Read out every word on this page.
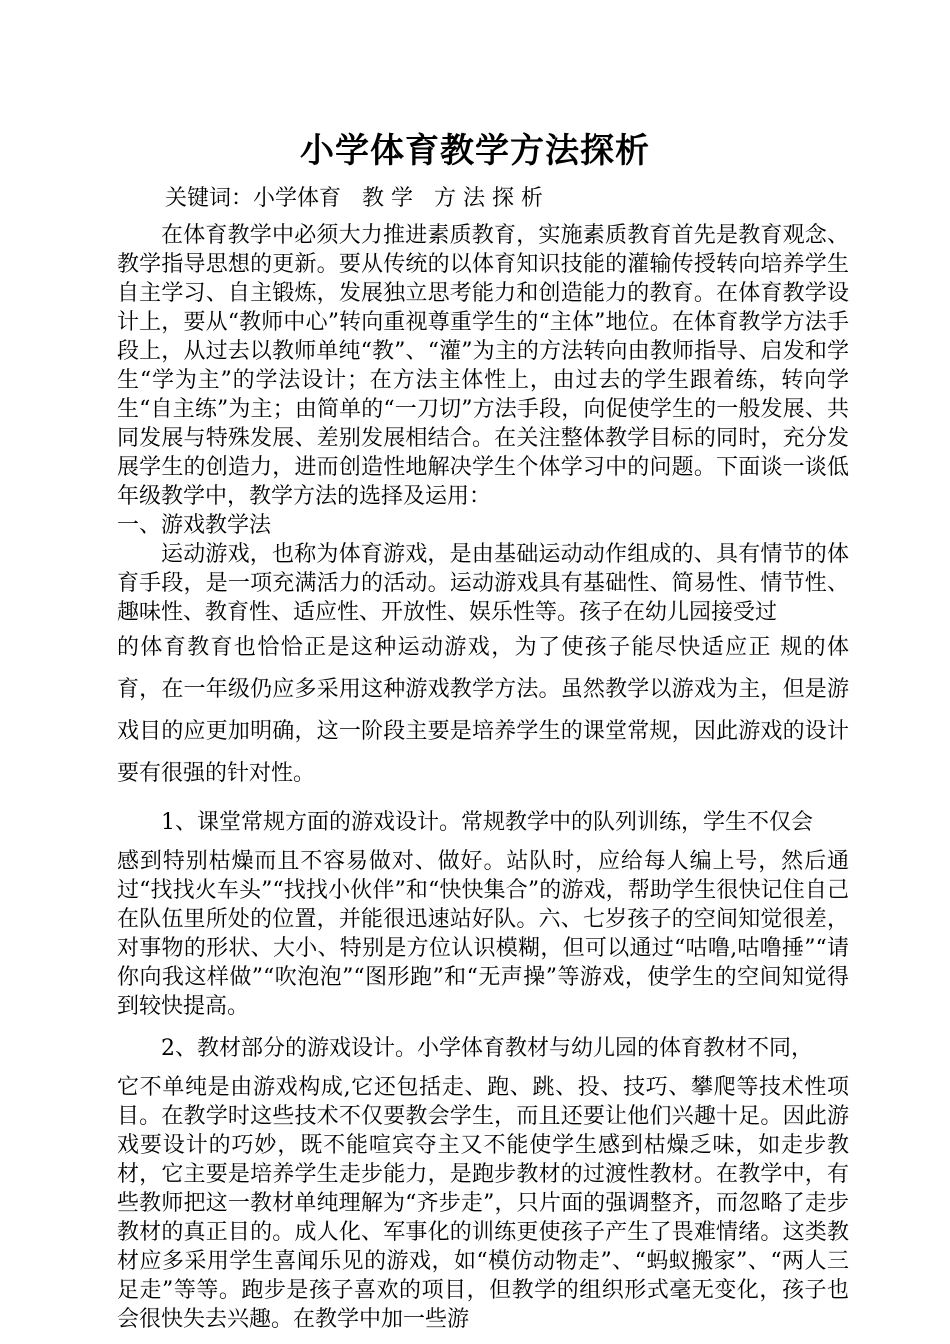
小学体育教学方法探析
关键词：小学体育   教 学   方 法 探 析

在体育教学中必须大力推进素质教育，实施素质教育首先是教育观念、教学指导思想的更新。要从传统的以体育知识技能的灌输传授转向培养学生自主学习、自主锻炼，发展独立思考能力和创造能力的教育。在体育教学设计上，要从“教师中心”转向重视尊重学生的“主体”地位。在体育教学方法手段上，从过去以教师单纯“教”、“灌”为主的方法转向由教师指导、启发和学生“学为主”的学法设计；在方法主体性上，由过去的学生跟着练，转向学生“自主练”为主；由简单的“一刀切”方法手段，向促使学生的一般发展、共同发展与特殊发展、差别发展相结合。在关注整体教学目标的同时，充分发展学生的创造力，进而创造性地解决学生个体学习中的问题。下面谈一谈低年级教学中，教学方法的选择及运用：

一、游戏教学法

运动游戏，也称为体育游戏，是由基础运动动作组成的、具有情节的体育手段，是一项充满活力的活动。运动游戏具有基础性、简易性、情节性、趣味性、教育性、适应性、开放性、娱乐性等。孩子在幼儿园接受过

的体育教育也恰恰正是这种运动游戏，为了使孩子能尽快适应正 规的体育，在一年级仍应多采用这种游戏教学方法。虽然教学以游戏为主，但是游戏目的应更加明确，这一阶段主要是培养学生的课堂常规，因此游戏的设计要有很强的针对性。

1、课堂常规方面的游戏设计。常规教学中的队列训练，学生不仅会

感到特别枯燥而且不容易做对、做好。站队时，应给每人编上号，然后通过“找找火车头”“找找小伙伴”和“快快集合”的游戏，帮助学生很快记住自己在队伍里所处的位置，并能很迅速站好队。六、七岁孩子的空间知觉很差，对事物的形状、大小、特别是方位认识模糊，但可以通过“咕噜,咕噜捶”“请你向我这样做”“吹泡泡”“图形跑”和“无声操”等游戏，使学生的空间知觉得到较快提高。

2、教材部分的游戏设计。小学体育教材与幼儿园的体育教材不同，

它不单纯是由游戏构成,它还包括走、跑、跳、投、技巧、攀爬等技术性项目。在教学时这些技术不仅要教会学生，而且还要让他们兴趣十足。因此游戏要设计的巧妙，既不能喧宾夺主又不能使学生感到枯燥乏味，如走步教材，它主要是培养学生走步能力，是跑步教材的过渡性教材。在教学中，有些教师把这一教材单纯理解为“齐步走”，只片面的强调整齐，而忽略了走步教材的真正目的。成人化、军事化的训练更使孩子产生了畏难情绪。这类教材应多采用学生喜闻乐见的游戏，如“模仿动物走”、“蚂蚁搬家”、“两人三足走”等等。跑步是孩子喜欢的项目，但教学的组织形式毫无变化，孩子也会很快失去兴趣。在教学中加一些游
